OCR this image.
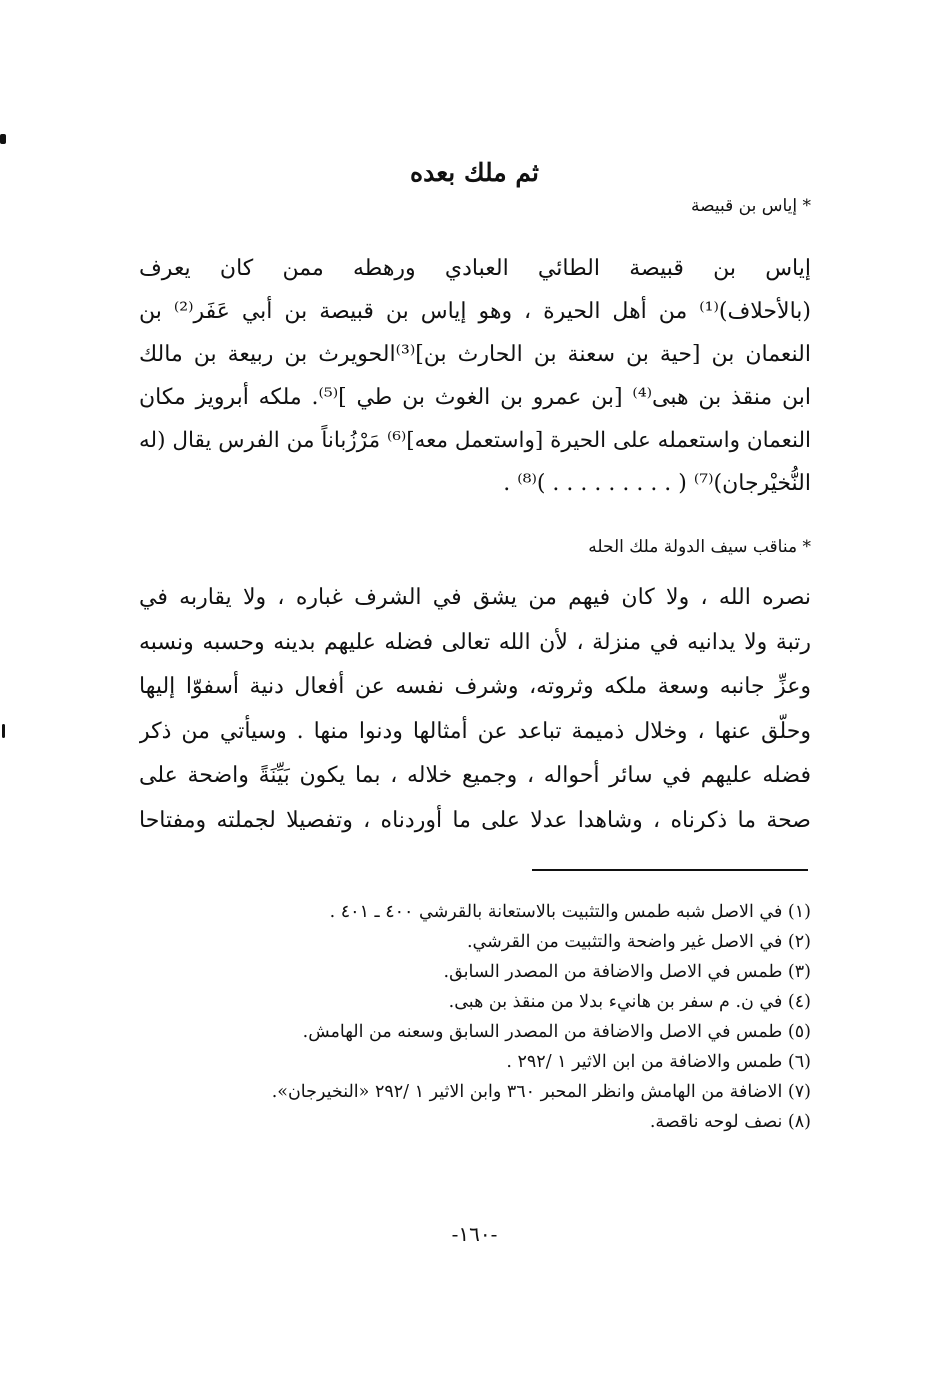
ثم ملك بعده
* إياس بن قبيصة
إياس بن قبيصة الطائي العبادي ورهطه ممن كان يعرف
(بالأحلاف)⁽¹⁾ من أهل الحيرة ، وهو إياس بن قبيصة بن أبي عَفَر⁽²⁾ بن
النعمان بن [حية بن سعنة بن الحارث بن]⁽³⁾الحويرث بن ربيعة بن مالك
ابن منقذ بن هبى⁽⁴⁾ [بن عمرو بن الغوث بن طي ]⁽⁵⁾. ملكه أبرويز مكان
النعمان واستعمله على الحيرة [واستعمل معه]⁽⁶⁾ مَرْزُباناً من الفرس يقال (له
النُّخيْرجان)⁽⁷⁾ ( . . . . . . . . . )⁽⁸⁾ .
* مناقب سيف الدولة ملك الحله
نصره الله ، ولا كان فيهم من يشق في الشرف غباره ، ولا يقاربه في
رتبة ولا يدانيه في منزلة ، لأن الله تعالى فضله عليهم بدينه وحسبه ونسبه
وعزِّ جانبه وسعة ملكه وثروته، وشرف نفسه عن أفعال دنية أسفوّا إليها
وحلّق عنها ، وخلال ذميمة تباعد عن أمثالها ودنوا منها . وسيأتي من ذكر
فضله عليهم في سائر أحواله ، وجميع خلاله ، بما يكون بَيِّنَةً واضحة على
صحة ما ذكرناه ، وشاهدا عدلا على ما أوردناه ، وتفصيلا لجملته ومفتاحا
(١) في الاصل شبه طمس والتثبيت بالاستعانة بالقرشي ٤٠٠ ـ ٤٠١ .
(٢) في الاصل غير واضحة والتثبيت من القرشي.
(٣) طمس في الاصل والاضافة من المصدر السابق.
(٤) في ن. م سفر بن هانيء بدلا من منقذ بن هبى.
(٥) طمس في الاصل والاضافة من المصدر السابق وسعنه من الهامش.
(٦) طمس والاضافة من ابن الاثير ١ /٢٩٢ .
(٧) الاضافة من الهامش وانظر المحبر ٣٦٠ وابن الاثير ١ /٢٩٢ «النخيرجان».
(٨) نصف لوحه ناقصة.
-١٦٠-
